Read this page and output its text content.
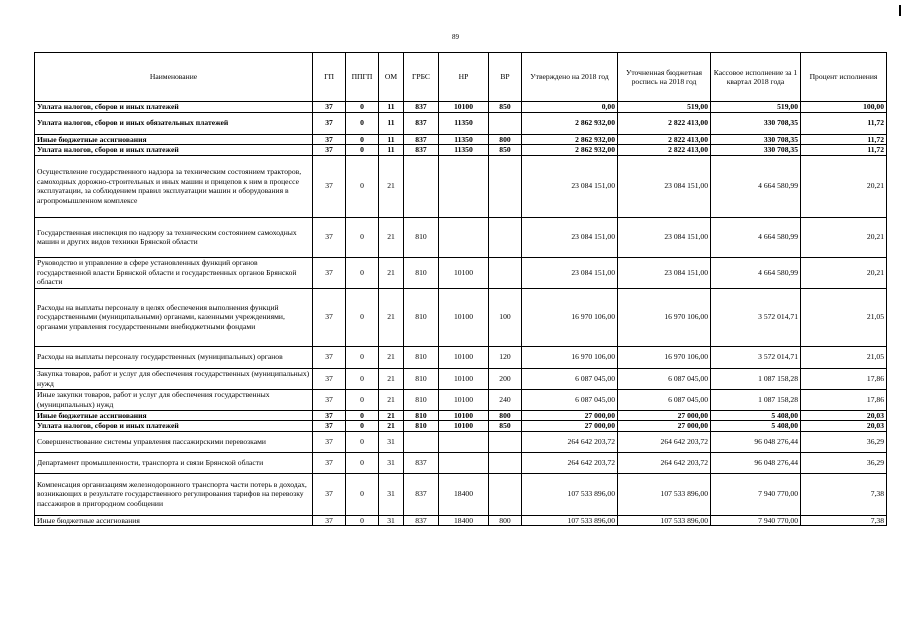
89
Наименование	ГП	ППГП	ОМ	ГРБС	НР	ВР	Утверждено на 2018 год	Уточненная бюджетная роспись на 2018 год	Кассовое исполнение за 1 квартал 2018 года	Процент исполнения
Уплата налогов, сборов и иных платежей	37	0	11	837	10100	850	0,00	519,00	519,00	100,00
Уплата налогов, сборов и иных обязательных платежей	37	0	11	837	11350		2 862 932,00	2 822 413,00	330 708,35	11,72
Иные бюджетные ассигнования	37	0	11	837	11350	800	2 862 932,00	2 822 413,00	330 708,35	11,72
Уплата налогов, сборов и иных платежей	37	0	11	837	11350	850	2 862 932,00	2 822 413,00	330 708,35	11,72
Осуществление государственного надзора за техническим состоянием тракторов, самоходных дорожно-строительных и иных машин и прицепов к ним в процессе эксплуатации, за соблюдением правил эксплуатации машин и оборудования в агропромышленном комплексе	37	0	21				23 084 151,00	23 084 151,00	4 664 580,99	20,21
Государственная инспекция по надзору за техническим состоянием самоходных машин и других видов техники Брянской области	37	0	21	810			23 084 151,00	23 084 151,00	4 664 580,99	20,21
Руководство и управление в сфере установленных функций органов государственной власти Брянской области и государственных органов Брянской области	37	0	21	810	10100		23 084 151,00	23 084 151,00	4 664 580,99	20,21
Расходы на выплаты персоналу в целях обеспечения выполнения функций государственными (муниципальными) органами, казенными учреждениями, органами управления государственными внебюджетными фондами	37	0	21	810	10100	100	16 970 106,00	16 970 106,00	3 572 014,71	21,05
Расходы на выплаты персоналу государственных (муниципальных) органов	37	0	21	810	10100	120	16 970 106,00	16 970 106,00	3 572 014,71	21,05
Закупка товаров, работ и услуг для обеспечения государственных (муниципальных) нужд	37	0	21	810	10100	200	6 087 045,00	6 087 045,00	1 087 158,28	17,86
Иные закупки товаров, работ и услуг для обеспечения государственных (муниципальных) нужд	37	0	21	810	10100	240	6 087 045,00	6 087 045,00	1 087 158,28	17,86
Иные бюджетные ассигнования	37	0	21	810	10100	800	27 000,00	27 000,00	5 408,00	20,03
Уплата налогов, сборов и иных платежей	37	0	21	810	10100	850	27 000,00	27 000,00	5 408,00	20,03
Совершенствование системы управления пассажирскими перевозками	37	0	31				264 642 203,72	264 642 203,72	96 048 276,44	36,29
Департамент промышленности, транспорта и связи Брянской области	37	0	31	837			264 642 203,72	264 642 203,72	96 048 276,44	36,29
Компенсация организациям железнодорожного транспорта части потерь в доходах, возникающих в результате государственного регулирования тарифов на перевозку пассажиров в пригородном сообщении	37	0	31	837	18400		107 533 896,00	107 533 896,00	7 940 770,00	7,38
Иные бюджетные ассигнования	37	0	31	837	18400	800	107 533 896,00	107 533 896,00	7 940 770,00	7,38
